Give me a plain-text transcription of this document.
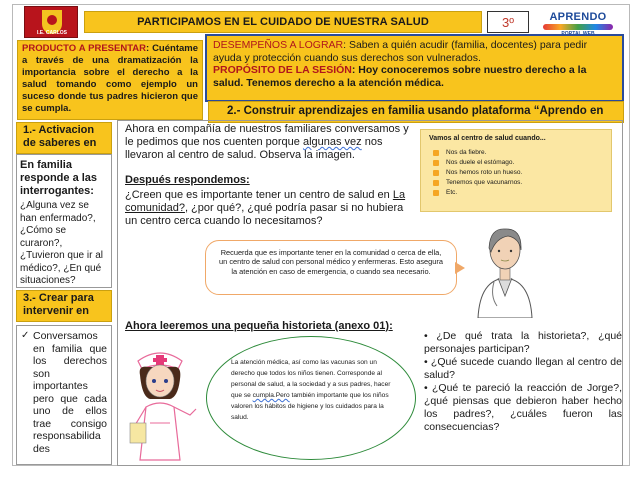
I.E. CARLOS
PARTICIPAMOS EN EL CUIDADO DE NUESTRA SALUD	3º	APRENDO
PRODUCTO A PRESENTAR: Cuéntame a través de una dramatización la importancia sobre el derecho a la salud tomando como ejemplo un suceso donde tus padres hicieron que se cumpla.
DESEMPEÑOS A LOGRAR: Saben a quién acudir (familia, docentes) para pedir ayuda y protección cuando sus derechos son vulnerados.
PROPÓSITO DE LA SESIÓN: Hoy conoceremos sobre nuestro derecho a la salud. Tenemos derecho a la atención médica.
2.- Construir aprendizajes en familia usando plataforma “Aprendo en
1.- Activacion de saberes en
En familia responde a las interrogantes:
¿Alguna vez se han enfermado?,
¿Cómo se curaron?,
¿Tuvieron que ir al médico?, ¿En qué situaciones?
3.- Crear para intervenir en
✓ Conversamos en familia que los derechos son importantes pero que cada uno de ellos trae consigo responsabilida des
Ahora en compañía de nuestros familiares conversamos y le pedimos que nos cuenten porque algunas vez nos llevaron al centro de salud. Observa la imagen.
Después respondemos:
¿Creen que es importante tener un centro de salud en La comunidad?, ¿por qué?, ¿qué podría pasar si no hubiera un centro cerca cuando lo necesitamos?
Vamos al centro de salud cuando...
Nos da fiebre.
Nos duele el estómago.
Nos hemos roto un hueso.
Tenemos que vacunarnos.
Etc.
Recuerda que es importante tener en la comunidad o cerca de ella, un centro de salud con personal médico y enfermeras. Esto asegura la atención en caso de emergencia, o cuando sea necesario.
Ahora leeremos una pequeña historieta (anexo 01):
La atención médica, así como las vacunas son un derecho que todos los niños tienen. Corresponde al personal de salud, a la sociedad y a sus padres, hacer que se cumpla.Pero también importante que los niños valoren los hábitos de higiene y los cuidados para la salud.

• ¿De qué trata la historieta?, ¿qué personajes participan?

• ¿Qué sucede cuando llegan al centro de salud?

• ¿Qué te pareció la reacción de Jorge?, ¿qué piensas que debieron haber hecho los padres?, ¿cuáles fueron las consecuencias?
